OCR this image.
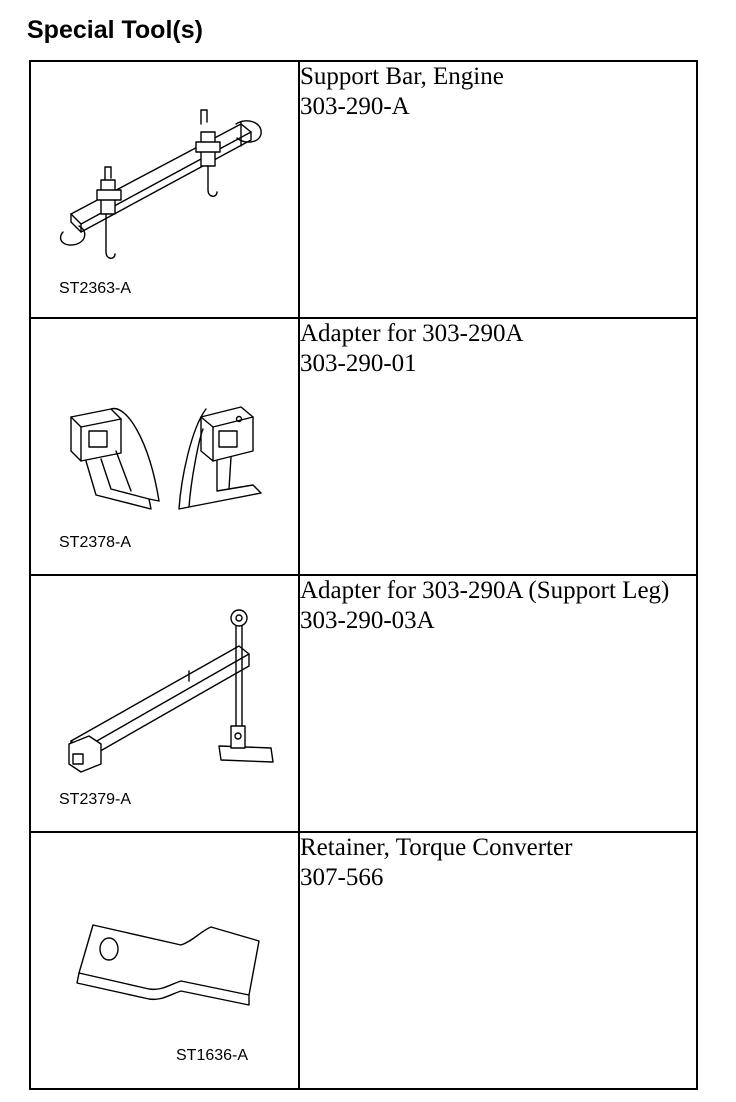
Special Tool(s)
ST2363-A	Support Bar, Engine
303-290-A

ST2378-A	Adapter for 303-290A
303-290-01

ST2379-A	Adapter for 303-290A (Support Leg)
303-290-03A

ST1636-A	Retainer, Torque Converter
307-566
